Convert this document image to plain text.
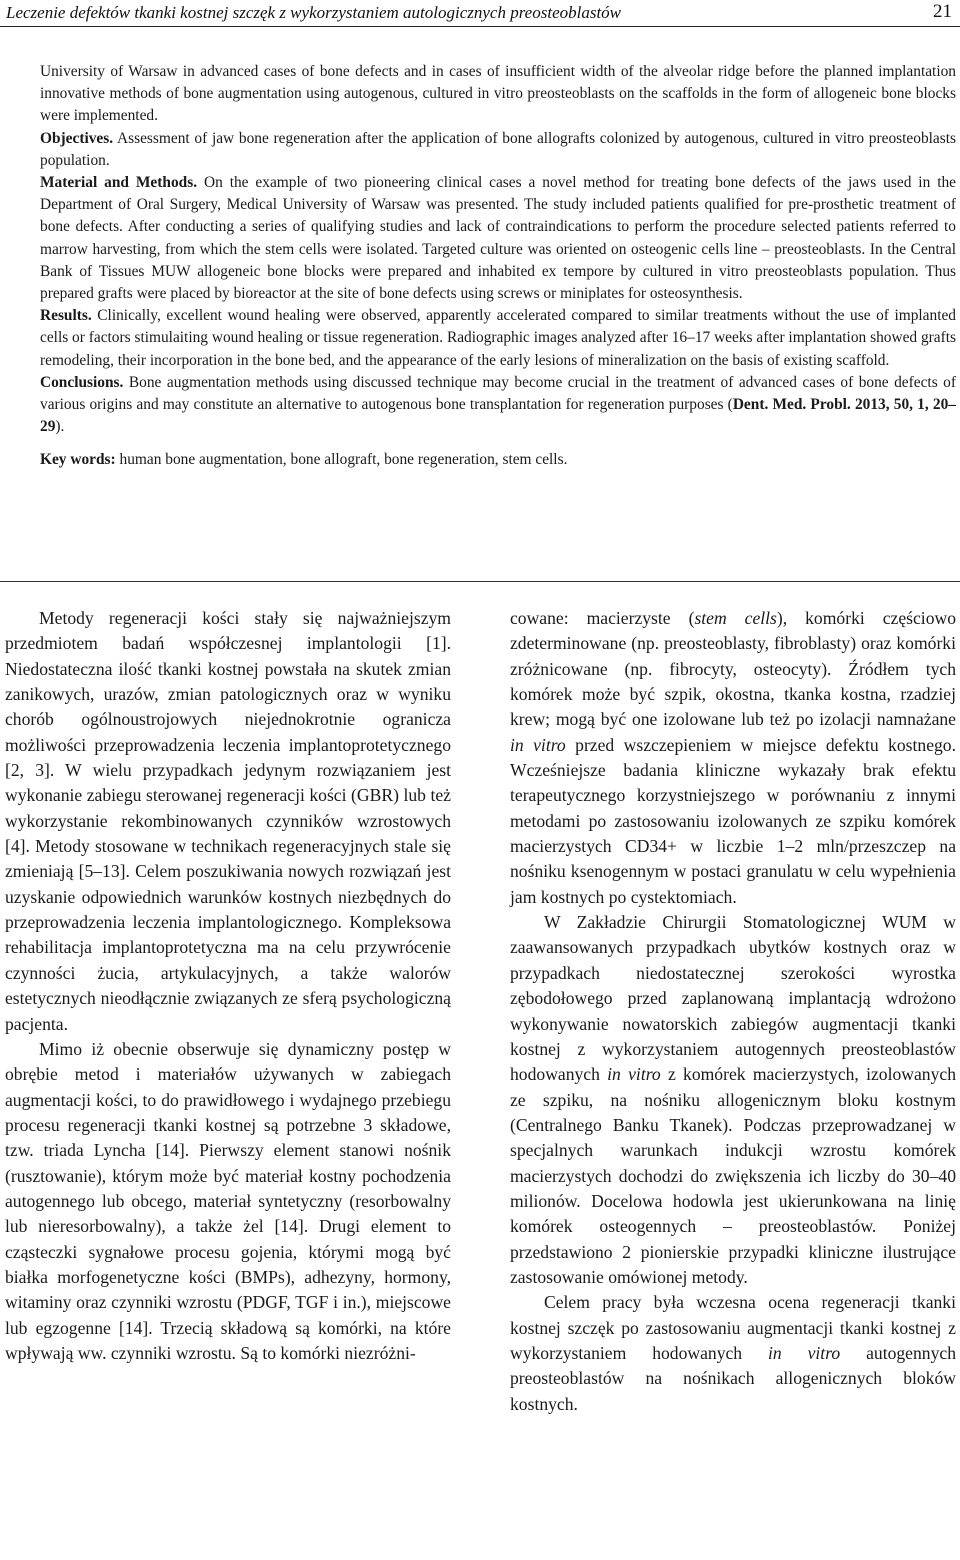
Leczenie defektów tkanki kostnej szczęk z wykorzystaniem autologicznych preosteoblastów	21

University of Warsaw in advanced cases of bone defects and in cases of insufficient width of the alveolar ridge before the planned implantation innovative methods of bone augmentation using autogenous, cultured in vitro preosteoblasts on the scaffolds in the form of allogeneic bone blocks were implemented.

Objectives. Assessment of jaw bone regeneration after the application of bone allografts colonized by autogenous, cultured in vitro preosteoblasts population.

Material and Methods. On the example of two pioneering clinical cases a novel method for treating bone defects of the jaws used in the Department of Oral Surgery, Medical University of Warsaw was presented. The study included patients qualified for pre-prosthetic treatment of bone defects. After conducting a series of qualifying studies and lack of contraindications to perform the procedure selected patients referred to marrow harvesting, from which the stem cells were isolated. Targeted culture was oriented on osteogenic cells line – preosteoblasts. In the Central Bank of Tissues MUW allogeneic bone blocks were prepared and inhabited ex tempore by cultured in vitro preosteoblasts population. Thus prepared grafts were placed by bioreactor at the site of bone defects using screws or miniplates for osteosynthesis.

Results. Clinically, excellent wound healing were observed, apparently accelerated compared to similar treatments without the use of implanted cells or factors stimulaiting wound healing or tissue regeneration. Radiographic images analyzed after 16–17 weeks after implantation showed grafts remodeling, their incorporation in the bone bed, and the appearance of the early lesions of mineralization on the basis of existing scaffold.

Conclusions. Bone augmentation methods using discussed technique may become crucial in the treatment of advanced cases of bone defects of various origins and may constitute an alternative to autogenous bone transplantation for regeneration purposes (Dent. Med. Probl. 2013, 50, 1, 20–29).

Key words: human bone augmentation, bone allograft, bone regeneration, stem cells.

Metody regeneracji kości stały się najważniejszym przedmiotem badań współczesnej implantologii [1]. Niedostateczna ilość tkanki kostnej powstała na skutek zmian zanikowych, urazów, zmian patologicznych oraz w wyniku chorób ogólnoustrojowych niejednokrotnie ogranicza możliwości przeprowadzenia leczenia implantoprotetycznego [2, 3]. W wielu przypadkach jedynym rozwiązaniem jest wykonanie zabiegu sterowanej regeneracji kości (GBR) lub też wykorzystanie rekombinowanych czynników wzrostowych [4]. Metody stosowane w technikach regeneracyjnych stale się zmieniają [5–13]. Celem poszukiwania nowych rozwiązań jest uzyskanie odpowiednich warunków kostnych niezbędnych do przeprowadzenia leczenia implantologicznego. Kompleksowa rehabilitacja implantoprotetyczna ma na celu przywrócenie czynności żucia, artykulacyjnych, a także walorów estetycznych nieodłącznie związanych ze sferą psychologiczną pacjenta.

Mimo iż obecnie obserwuje się dynamiczny postęp w obrębie metod i materiałów używanych w zabiegach augmentacji kości, to do prawidłowego i wydajnego przebiegu procesu regeneracji tkanki kostnej są potrzebne 3 składowe, tzw. triada Lyncha [14]. Pierwszy element stanowi nośnik (rusztowanie), którym może być materiał kostny pochodzenia autogennego lub obcego, materiał syntetyczny (resorbowalny lub nieresorbowalny), a także żel [14]. Drugi element to cząsteczki sygnałowe procesu gojenia, którymi mogą być białka morfogenetyczne kości (BMPs), adhezyny, hormony, witaminy oraz czynniki wzrostu (PDGF, TGF i in.), miejscowe lub egzogenne [14]. Trzecią składową są komórki, na które wpływają ww. czynniki wzrostu. Są to komórki niezróżni-

cowane: macierzyste (stem cells), komórki częściowo zdeterminowane (np. preosteoblasty, fibroblasty) oraz komórki zróżnicowane (np. fibrocyty, osteocyty). Źródłem tych komórek może być szpik, okostna, tkanka kostna, rzadziej krew; mogą być one izolowane lub też po izolacji namnażane in vitro przed wszczepieniem w miejsce defektu kostnego. Wcześniejsze badania kliniczne wykazały brak efektu terapeutycznego korzystniejszego w porównaniu z innymi metodami po zastosowaniu izolowanych ze szpiku komórek macierzystych CD34+ w liczbie 1–2 mln/przeszczep na nośniku ksenogennym w postaci granulatu w celu wypełnienia jam kostnych po cystektomiach.

W Zakładzie Chirurgii Stomatologicznej WUM w zaawansowanych przypadkach ubytków kostnych oraz w przypadkach niedostatecznej szerokości wyrostka zębodołowego przed zaplanowaną implantacją wdrożono wykonywanie nowatorskich zabiegów augmentacji tkanki kostnej z wykorzystaniem autogennych preosteoblastów hodowanych in vitro z komórek macierzystych, izolowanych ze szpiku, na nośniku allogenicznym bloku kostnym (Centralnego Banku Tkanek). Podczas przeprowadzanej w specjalnych warunkach indukcji wzrostu komórek macierzystych dochodzi do zwiększenia ich liczby do 30–40 milionów. Docelowa hodowla jest ukierunkowana na linię komórek osteogennych – preosteoblastów. Poniżej przedstawiono 2 pionierskie przypadki kliniczne ilustrujące zastosowanie omówionej metody.

Celem pracy była wczesna ocena regeneracji tkanki kostnej szczęk po zastosowaniu augmentacji tkanki kostnej z wykorzystaniem hodowanych in vitro autogennych preosteoblastów na nośnikach allogenicznych bloków kostnych.
